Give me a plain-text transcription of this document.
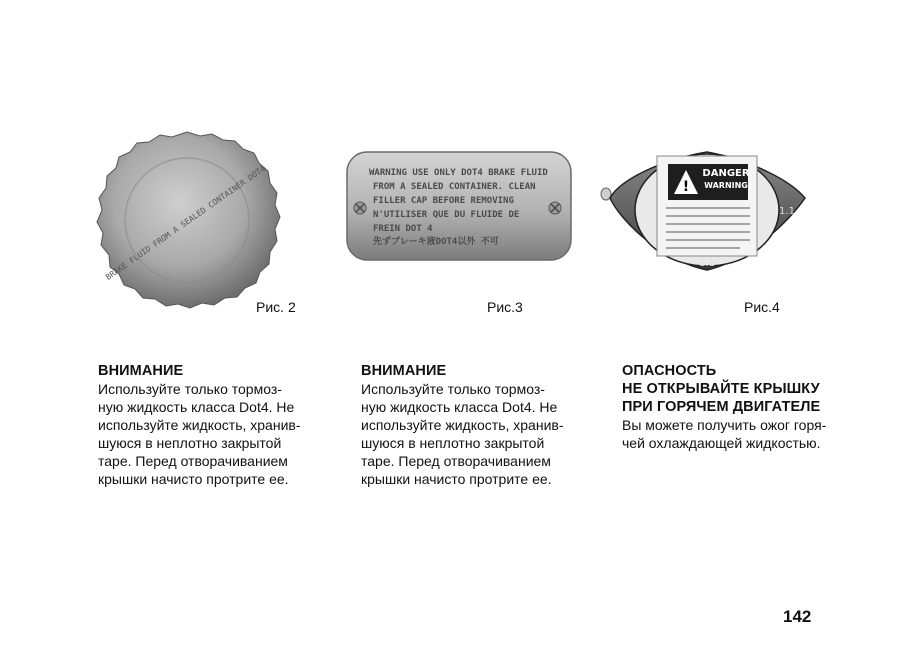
BRAKE FLUID FROM A SEALED CONTAINER DOT4
Рис. 2
WARNING USE ONLY DOT4 BRAKE FLUID
FROM A SEALED CONTAINER. CLEAN
FILLER CAP BEFORE REMOVING
N'UTILISER QUE DU FLUIDE DE
FREIN DOT 4
先ずブレーキ液DOT4以外 不可
Рис.3
!
DANGER
WARNING
1.1
1.1
Рис.4

ВНИМАНИЕ

Используйте только тормоз-
ную жидкость класса Dot4. Не
используйте жидкость, хранив-
шуюся в неплотно закрытой
таре. Перед отворачиванием
крышки начисто протрите ее.

ВНИМАНИЕ

Используйте только тормоз-
ную жидкость класса Dot4. Не
используйте жидкость, хранив-
шуюся в неплотно закрытой
таре. Перед отворачиванием
крышки начисто протрите ее.

ОПАСНОСТЬ
НЕ ОТКРЫВАЙТЕ КРЫШКУ
ПРИ ГОРЯЧЕМ ДВИГАТЕЛЕ

Вы можете получить ожог горя-
чей охлаждающей жидкостью.

142
